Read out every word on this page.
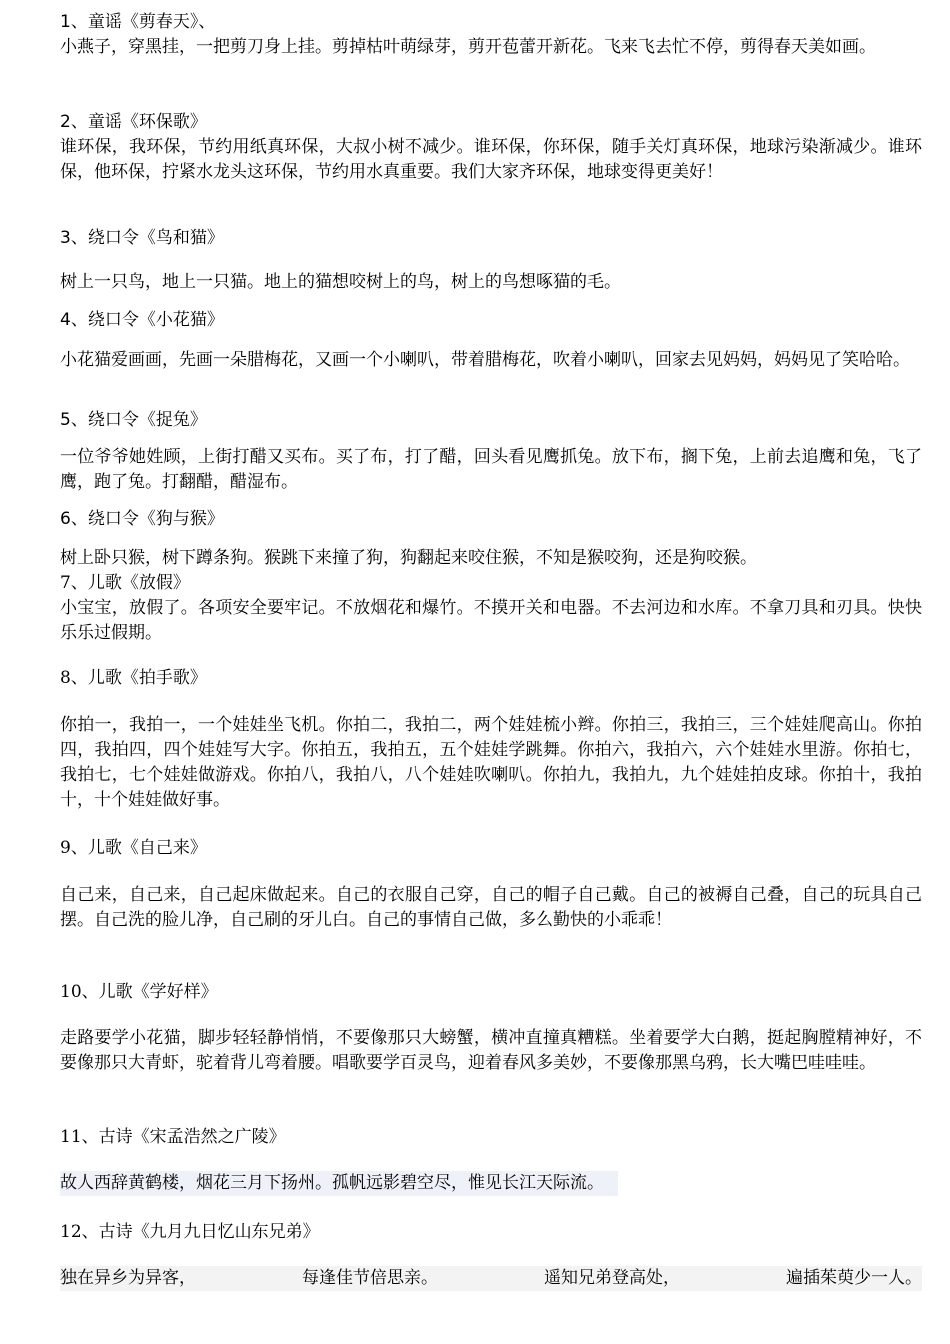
1、童谣《剪春天》、

小燕子，穿黑挂，一把剪刀身上挂。剪掉枯叶萌绿芽，剪开苞蕾开新花。飞来飞去忙不停，剪得春天美如画。

2、童谣《环保歌》

谁环保，我环保，节约用纸真环保，大叔小树不减少。谁环保，你环保，随手关灯真环保，地球污染渐减少。谁环保，他环保，拧紧水龙头这环保，节约用水真重要。我们大家齐环保，地球变得更美好！

3、绕口令《鸟和猫》

树上一只鸟，地上一只猫。地上的猫想咬树上的鸟，树上的鸟想啄猫的毛。

4、绕口令《小花猫》

小花猫爱画画，先画一朵腊梅花，又画一个小喇叭，带着腊梅花，吹着小喇叭，回家去见妈妈，妈妈见了笑哈哈。

5、绕口令《捉兔》

一位爷爷她姓顾，上街打醋又买布。买了布，打了醋，回头看见鹰抓兔。放下布，搁下兔，上前去追鹰和兔，飞了鹰，跑了兔。打翻醋，醋湿布。

6、绕口令《狗与猴》

树上卧只猴，树下蹲条狗。猴跳下来撞了狗，狗翻起来咬住猴，不知是猴咬狗，还是狗咬猴。

7、儿歌《放假》

小宝宝，放假了。各项安全要牢记。不放烟花和爆竹。不摸开关和电器。不去河边和水库。不拿刀具和刃具。快快乐乐过假期。

8、儿歌《拍手歌》

你拍一，我拍一，一个娃娃坐飞机。你拍二，我拍二，两个娃娃梳小辫。你拍三，我拍三，三个娃娃爬高山。你拍四，我拍四，四个娃娃写大字。你拍五，我拍五，五个娃娃学跳舞。你拍六，我拍六，六个娃娃水里游。你拍七，我拍七，七个娃娃做游戏。你拍八，我拍八，八个娃娃吹喇叭。你拍九，我拍九，九个娃娃拍皮球。你拍十，我拍十，十个娃娃做好事。

9、儿歌《自己来》

自己来，自己来，自己起床做起来。自己的衣服自己穿，自己的帽子自己戴。自己的被褥自己叠，自己的玩具自己摆。自己洗的脸儿净，自己刷的牙儿白。自己的事情自己做，多么勤快的小乖乖！

10、儿歌《学好样》

走路要学小花猫，脚步轻轻静悄悄，不要像那只大螃蟹，横冲直撞真糟糕。坐着要学大白鹅，挺起胸膛精神好，不要像那只大青虾，驼着背儿弯着腰。唱歌要学百灵鸟，迎着春风多美妙，不要像那黑乌鸦，长大嘴巴哇哇哇。

11、古诗《宋孟浩然之广陵》

故人西辞黄鹤楼，烟花三月下扬州。孤帆远影碧空尽，惟见长江天际流。

12、古诗《九月九日忆山东兄弟》

独在异乡为异客，	每逢佳节倍思亲。	遥知兄弟登高处，	遍插茱萸少一人。
